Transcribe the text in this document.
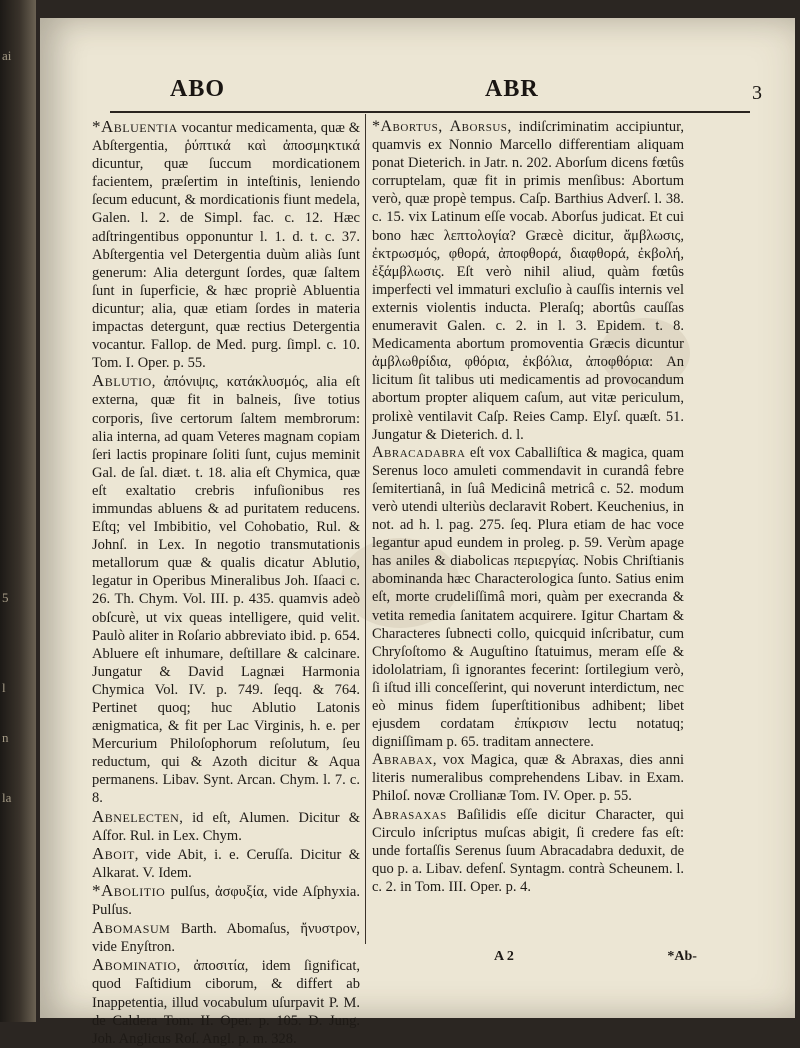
ai
5
l
n
la
ABO	ABR	3

*Abluentia vocantur medicamenta, quæ & Abſtergentia, ῥύπτικά καὶ ἀποσμηκτικά dicuntur, quæ ſuccum mordicationem facientem, præſertim in inteſtinis, leniendo ſecum educunt, & mordicationis fiunt medela, Galen. l. 2. de Simpl. fac. c. 12. Hæc adſtringentibus opponuntur l. 1. d. t. c. 37. Abſtergentia vel Detergentia duùm aliàs ſunt generum: Alia detergunt ſordes, quæ ſaltem ſunt in ſuperficie, & hæc propriè Abluentia dicuntur; alia, quæ etiam ſordes in materia impactas detergunt, quæ rectius Detergentia vocantur. Fallop. de Med. purg. ſimpl. c. 10. Tom. I. Oper. p. 55.

Ablutio, ἀπόνιψις, κατάκλυσμός, alia eſt externa, quæ fit in balneis, ſive totius corporis, ſive certorum ſaltem membrorum: alia interna, ad quam Veteres magnam copiam ſeri lactis propinare ſoliti ſunt, cujus meminit Gal. de ſal. diæt. t. 18. alia eſt Chymica, quæ eſt exaltatio crebris infuſionibus res immundas abluens & ad puritatem reducens. Eſtq; vel Imbibitio, vel Cohobatio, Rul. & Johnſ. in Lex. In negotio transmutationis metallorum quæ & qualis dicatur Ablutio, legatur in Operibus Mineralibus Joh. Iſaaci c. 26. Th. Chym. Vol. III. p. 435. quamvis adeò obſcurè, ut vix queas intelligere, quid velit. Paulò aliter in Roſario abbreviato ibid. p. 654. Abluere eſt inhumare, deſtillare & calcinare. Jungatur & David Lagnæi Harmonia Chymica Vol. IV. p. 749. ſeqq. & 764. Pertinet quoq; huc Ablutio Latonis ænigmatica, & fit per Lac Virginis, h. e. per Mercurium Philoſophorum reſolutum, ſeu reductum, qui & Azoth dicitur & Aqua permanens. Libav. Synt. Arcan. Chym. l. 7. c. 8.

Abnelecten, id eſt, Alumen. Dicitur & Aſfor. Rul. in Lex. Chym.

Aboit, vide Abit, i. e. Ceruſſa. Dicitur & Alkarat. V. Idem.

*Abolitio pulſus, ἀσφυξία, vide Aſphyxia. Pulſus.

Abomasum Barth. Abomaſus, ἤνυστρον, vide Enyſtron.

Abominatio, ἀποσιτία, idem ſignificat, quod Faſtidium ciborum, & differt ab Inappetentia, illud vocabulum uſurpavit P. M. de Caldera Tom. II. Oper. p. 105. D. Jung. Joh. Anglicus Roſ. Angl. p. m. 328.

*Abortus, Aborsus, indiſcriminatim accipiuntur, quamvis ex Nonnio Marcello differentiam aliquam ponat Dieterich. in Jatr. n. 202. Aborſum dicens fœtûs corruptelam, quæ fit in primis menſibus: Abortum verò, quæ propè tempus. Caſp. Barthius Adverſ. l. 38. c. 15. vix Latinum eſſe vocab. Aborſus judicat. Et cui bono hæc λεπτολογία? Græcè dicitur, ἄμβλωσις, ἐκτρωσμός, φθορά, ἀποφθορά, διαφθορά, ἐκβολή, ἐξάμβλωσις. Eſt verò nihil aliud, quàm fœtûs imperfecti vel immaturi excluſio à cauſſis internis vel externis violentis inducta. Pleraſq; abortûs cauſſas enumeravit Galen. c. 2. in l. 3. Epidem. t. 8. Medicamenta abortum promoventia Græcis dicuntur ἀμβλωθρίδια, φθόρια, ἐκβόλια, ἀποφθόρια: An licitum ſit talibus uti medicamentis ad provocandum abortum propter aliquem caſum, aut vitæ periculum, prolixè ventilavit Caſp. Reies Camp. Elyſ. quæſt. 51. Jungatur & Dieterich. d. l.

Abracadabra eſt vox Caballiſtica & magica, quam Serenus loco amuleti commendavit in curandâ febre ſemitertianâ, in ſuâ Medicinâ metricâ c. 52. modum verò utendi ulteriùs declaravit Robert. Keuchenius, in not. ad h. l. pag. 275. ſeq. Plura etiam de hac voce legantur apud eundem in proleg. p. 59. Verùm apage has aniles & diabolicas περιεργίας. Nobis Chriſtianis abominanda hæc Characterologica ſunto. Satius enim eſt, morte crudeliſſimâ mori, quàm per execranda & vetita remedia ſanitatem acquirere. Igitur Chartam & Characteres ſubnecti collo, quicquid inſcribatur, cum Chryſoſtomo & Auguſtino ſtatuimus, meram eſſe & idololatriam, ſi ignorantes fecerint: ſortilegium verò, ſi iſtud illi conceſſerint, qui noverunt interdictum, nec eò minus fidem ſuperſtitionibus adhibent; libet ejusdem cordatam ἐπίκρισιν lectu notatuq; digniſſimam p. 65. traditam annectere.

Abrabax, vox Magica, quæ & Abraxas, dies anni literis numeralibus comprehendens Libav. in Exam. Philoſ. novæ Crollianæ Tom. IV. Oper. p. 55.

Abrasaxas Baſilidis eſſe dicitur Character, qui Circulo inſcriptus muſcas abigit, ſi credere fas eſt: unde fortaſſis Serenus ſuum Abracadabra deduxit, de quo p. a. Libav. defenſ. Syntagm. contrà Scheunem. l. c. 2. in Tom. III. Oper. p. 4.

A 2	*Ab-
